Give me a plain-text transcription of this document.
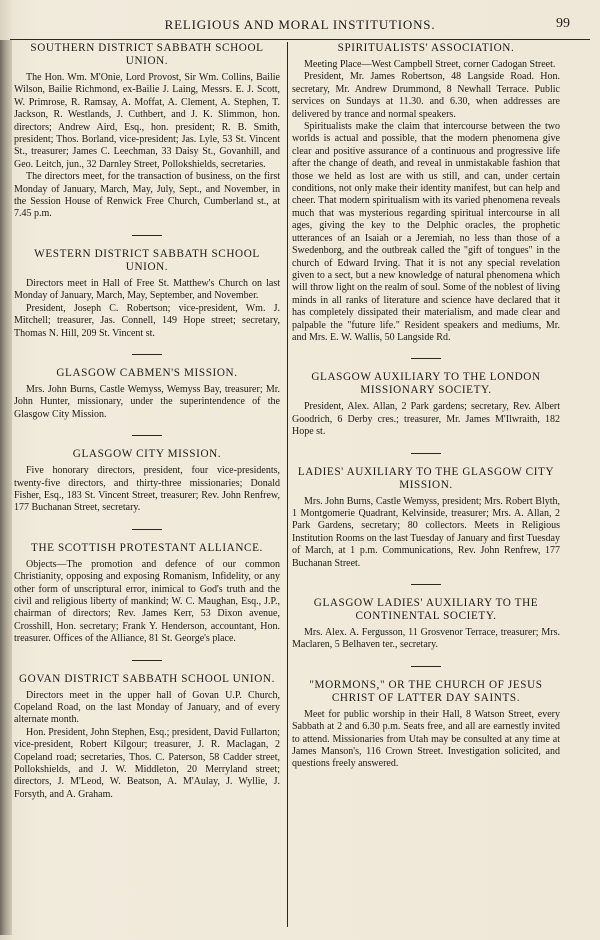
RELIGIOUS AND MORAL INSTITUTIONS.	99
SOUTHERN DISTRICT SABBATH SCHOOL UNION.

The Hon. Wm. M'Onie, Lord Provost, Sir Wm. Collins, Bailie Wilson, Bailie Richmond, ex-Bailie J. Laing, Messrs. E. J. Scott, W. Primrose, R. Ramsay, A. Moffat, A. Clement, A. Stephen, T. Jackson, R. Westlands, J. Cuthbert, and J. K. Slimmon, hon. directors; Andrew Aird, Esq., hon. president; R. B. Smith, president; Thos. Borland, vice-president; Jas. Lyle, 53 St. Vincent St., treasurer; James C. Leechman, 33 Daisy St., Govanhill, and Geo. Leitch, jun., 32 Darnley Street, Pollokshields, secretaries.

The directors meet, for the transaction of business, on the first Monday of January, March, May, July, Sept., and November, in the Session House of Renwick Free Church, Cumberland st., at 7.45 p.m.

WESTERN DISTRICT SABBATH SCHOOL UNION.

Directors meet in Hall of Free St. Matthew's Church on last Monday of January, March, May, September, and November.

President, Joseph C. Robertson; vice-president, Wm. J. Mitchell; treasurer, Jas. Connell, 149 Hope street; secretary, Thomas N. Hill, 209 St. Vincent st.

GLASGOW CABMEN'S MISSION.

Mrs. John Burns, Castle Wemyss, Wemyss Bay, treasurer; Mr. John Hunter, missionary, under the superintendence of the Glasgow City Mission.

GLASGOW CITY MISSION.

Five honorary directors, president, four vice-presidents, twenty-five directors, and thirty-three missionaries; Donald Fisher, Esq., 183 St. Vincent Street, treasurer; Rev. John Renfrew, 177 Buchanan Street, secretary.

THE SCOTTISH PROTESTANT ALLIANCE.

Objects—The promotion and defence of our common Christianity, opposing and exposing Romanism, Infidelity, or any other form of unscriptural error, inimical to God's truth and the civil and religious liberty of mankind; W. C. Maughan, Esq., J.P., chairman of directors; Rev. James Kerr, 53 Dixon avenue, Crosshill, Hon. secretary; Frank Y. Henderson, accountant, Hon. treasurer. Offices of the Alliance, 81 St. George's place.

GOVAN DISTRICT SABBATH SCHOOL UNION.

Directors meet in the upper hall of Govan U.P. Church, Copeland Road, on the last Monday of January, and of every alternate month.

Hon. President, John Stephen, Esq.; president, David Fullarton; vice-president, Robert Kilgour; treasurer, J. R. Maclagan, 2 Copeland road; secretaries, Thos. C. Paterson, 58 Cadder street, Pollokshields, and J. W. Middleton, 20 Merryland street; directors, J. M'Leod, W. Beatson, A. M'Aulay, J. Wyllie, J. Forsyth, and A. Graham.

SPIRITUALISTS' ASSOCIATION.

Meeting Place—West Campbell Street, corner Cadogan Street.

President, Mr. James Robertson, 48 Langside Road. Hon. secretary, Mr. Andrew Drummond, 8 Newhall Terrace. Public services on Sundays at 11.30. and 6.30, when addresses are delivered by trance and normal speakers.

Spiritualists make the claim that intercourse between the two worlds is actual and possible, that the modern phenomena give clear and positive assurance of a continuous and progressive life after the change of death, and reveal in unmistakable fashion that those we held as lost are with us still, and can, under certain conditions, not only make their identity manifest, but can help and cheer. That modern spiritualism with its varied phenomena reveals much that was mysterious regarding spiritual intercourse in all ages, giving the key to the Delphic oracles, the prophetic utterances of an Isaiah or a Jeremiah, no less than those of a Swedenborg, and the outbreak called the "gift of tongues" in the church of Edward Irving. That it is not any special revelation given to a sect, but a new knowledge of natural phenomena which will throw light on the realm of soul. Some of the noblest of living minds in all ranks of literature and science have declared that it has completely dissipated their materialism, and made clear and palpable the "future life." Resident speakers and mediums, Mr. and Mrs. E. W. Wallis, 50 Langside Rd.

GLASGOW AUXILIARY TO THE LONDON MISSIONARY SOCIETY.

President, Alex. Allan, 2 Park gardens; secretary, Rev. Albert Goodrich, 6 Derby cres.; treasurer, Mr. James M'Ilwraith, 182 Hope st.

LADIES' AUXILIARY TO THE GLASGOW CITY MISSION.

Mrs. John Burns, Castle Wemyss, president; Mrs. Robert Blyth, 1 Montgomerie Quadrant, Kelvinside, treasurer; Mrs. A. Allan, 2 Park Gardens, secretary; 80 collectors. Meets in Religious Institution Rooms on the last Tuesday of January and first Tuesday of March, at 1 p.m. Communications, Rev. John Renfrew, 177 Buchanan Street.

GLASGOW LADIES' AUXILIARY TO THE CONTINENTAL SOCIETY.

Mrs. Alex. A. Fergusson, 11 Grosvenor Terrace, treasurer; Mrs. Maclaren, 5 Belhaven ter., secretary.

"MORMONS," OR THE CHURCH OF JESUS CHRIST OF LATTER DAY SAINTS.

Meet for public worship in their Hall, 8 Watson Street, every Sabbath at 2 and 6.30 p.m. Seats free, and all are earnestly invited to attend. Missionaries from Utah may be consulted at any time at James Manson's, 116 Crown Street. Investigation solicited, and questions freely answered.
